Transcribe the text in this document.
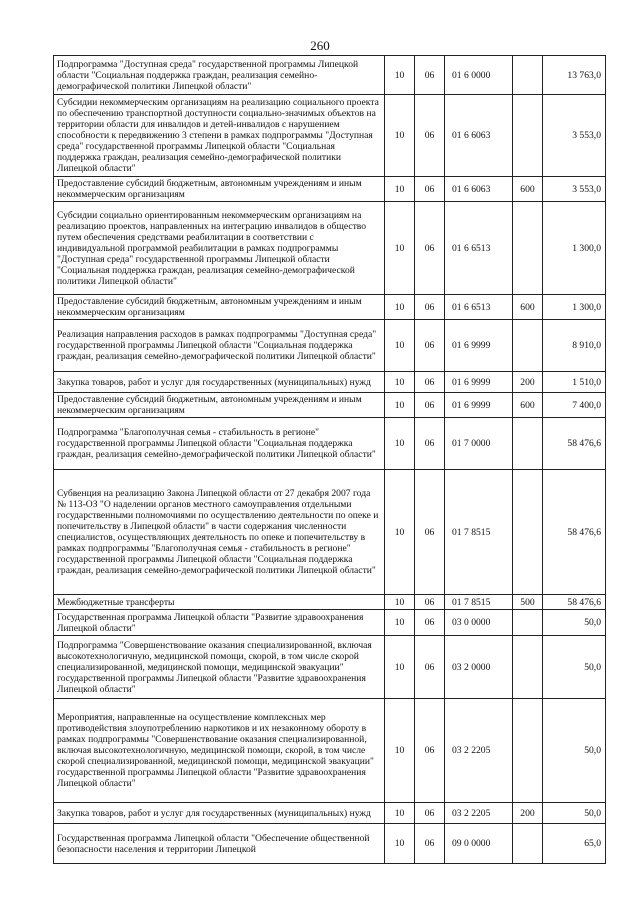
260
Подпрограмма "Доступная среда" государственной программы Липецкой области "Социальная поддержка граждан, реализация семейно-демографической политики Липецкой области"	10	06	01 6 0000		13 763,0
Субсидии некоммерческим организациям на реализацию социального проекта по обеспечению транспортной доступности социально-значимых объектов на территории области для инвалидов и детей-инвалидов с нарушением способности к передвижению 3 степени в рамках подпрограммы "Доступная среда" государственной программы Липецкой области "Социальная поддержка граждан, реализация семейно-демографической политики Липецкой области"	10	06	01 6 6063		3 553,0
Предоставление субсидий бюджетным, автономным учреждениям и иным некоммерческим организациям	10	06	01 6 6063	600	3 553,0
Субсидии социально ориентированным некоммерческим организациям на реализацию проектов, направленных на интеграцию инвалидов в общество путем обеспечения средствами реабилитации в соответствии с индивидуальной программой реабилитации в рамках подпрограммы "Доступная среда" государственной программы Липецкой области "Социальная поддержка граждан, реализация семейно-демографической политики Липецкой области"	10	06	01 6 6513		1 300,0
Предоставление субсидий бюджетным, автономным учреждениям и иным некоммерческим организациям	10	06	01 6 6513	600	1 300,0
Реализация направления расходов в рамках подпрограммы "Доступная среда" государственной программы Липецкой области "Социальная поддержка граждан, реализация семейно-демографической политики Липецкой области"	10	06	01 6 9999		8 910,0
Закупка товаров, работ и услуг для государственных (муниципальных) нужд	10	06	01 6 9999	200	1 510,0
Предоставление субсидий бюджетным, автономным учреждениям и иным некоммерческим организациям	10	06	01 6 9999	600	7 400,0
Подпрограмма "Благополучная семья - стабильность в регионе" государственной программы Липецкой области "Социальная поддержка граждан, реализация семейно-демографической политики Липецкой области"	10	06	01 7 0000		58 476,6
Субвенция на реализацию Закона Липецкой области от 27 декабря 2007 года № 113-ОЗ "О наделении органов местного самоуправления отдельными государственными полномочиями по осуществлению деятельности по опеке и попечительству в Липецкой области" в части содержания численности специалистов, осуществляющих деятельность по опеке и попечительству в рамках подпрограммы "Благополучная семья - стабильность в регионе" государственной программы Липецкой области "Социальная поддержка граждан, реализация семейно-демографической политики Липецкой области"	10	06	01 7 8515		58 476,6
Межбюджетные трансферты	10	06	01 7 8515	500	58 476,6
Государственная программа Липецкой области "Развитие здравоохранения Липецкой области"	10	06	03 0 0000		50,0
Подпрограмма "Совершенствование оказания специализированной, включая высокотехнологичную, медицинской помощи, скорой, в том числе скорой специализированной, медицинской помощи, медицинской эвакуации" государственной программы Липецкой области "Развитие здравоохранения Липецкой области"	10	06	03 2 0000		50,0
Мероприятия, направленные на осуществление комплексных мер противодействия злоупотреблению наркотиков и их незаконному обороту в рамках подпрограммы "Совершенствование оказания специализированной, включая высокотехнологичную, медицинской помощи, скорой, в том числе скорой специализированной, медицинской помощи, медицинской эвакуации" государственной программы Липецкой области "Развитие здравоохранения Липецкой области"	10	06	03 2 2205		50,0
Закупка товаров, работ и услуг для государственных (муниципальных) нужд	10	06	03 2 2205	200	50,0
Государственная программа Липецкой области "Обеспечение общественной безопасности населения и территории Липецкой	10	06	09 0 0000		65,0
